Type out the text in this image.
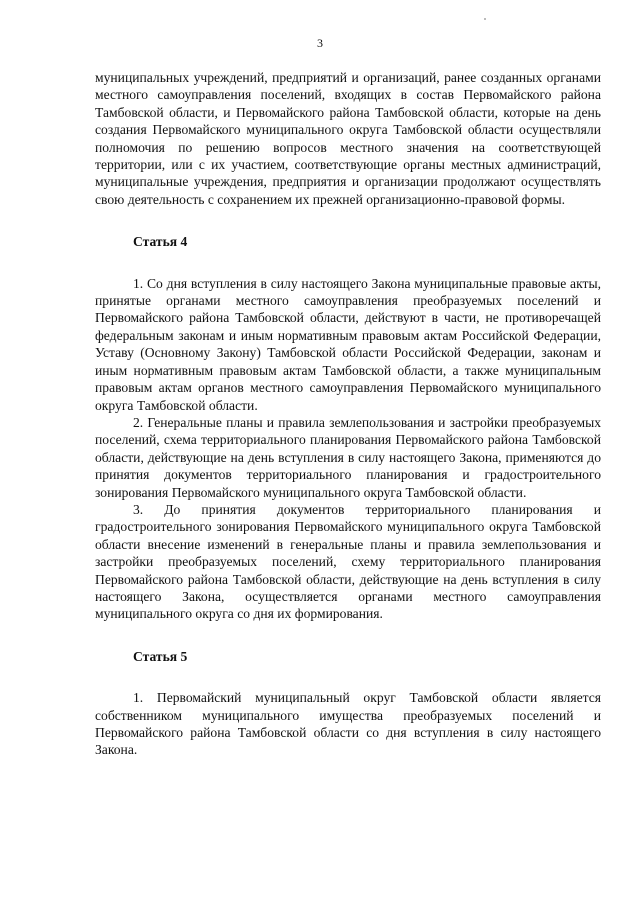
3

муниципальных учреждений, предприятий и организаций, ранее созданных органами местного самоуправления поселений, входящих в состав Первомайского района Тамбовской области, и Первомайского района Тамбовской области, которые на день создания Первомайского муниципального округа Тамбовской области осуществляли полномочия по решению вопросов местного значения на соответствующей территории, или с их участием, соответствующие органы местных администраций, муниципальные учреждения, предприятия и организации продолжают осуществлять свою деятельность с сохранением их прежней организационно-правовой формы.

Статья 4

1. Со дня вступления в силу настоящего Закона муниципальные правовые акты, принятые органами местного самоуправления преобразуемых поселений и Первомайского района Тамбовской области, действуют в части, не противоречащей федеральным законам и иным нормативным правовым актам Российской Федерации, Уставу (Основному Закону) Тамбовской области Российской Федерации, законам и иным нормативным правовым актам Тамбовской области, а также муниципальным правовым актам органов местного самоуправления Первомайского муниципального округа Тамбовской области.

2. Генеральные планы и правила землепользования и застройки преобразуемых поселений, схема территориального планирования Первомайского района Тамбовской области, действующие на день вступления в силу настоящего Закона, применяются до принятия документов территориального планирования и градостроительного зонирования Первомайского муниципального округа Тамбовской области.

3. До принятия документов территориального планирования и градостроительного зонирования Первомайского муниципального округа Тамбовской области внесение изменений в генеральные планы и правила землепользования и застройки преобразуемых поселений, схему территориального планирования Первомайского района Тамбовской области, действующие на день вступления в силу настоящего Закона, осуществляется органами местного самоуправления муниципального округа со дня их формирования.

Статья 5

1. Первомайский муниципальный округ Тамбовской области является собственником муниципального имущества преобразуемых поселений и Первомайского района Тамбовской области со дня вступления в силу настоящего Закона.
